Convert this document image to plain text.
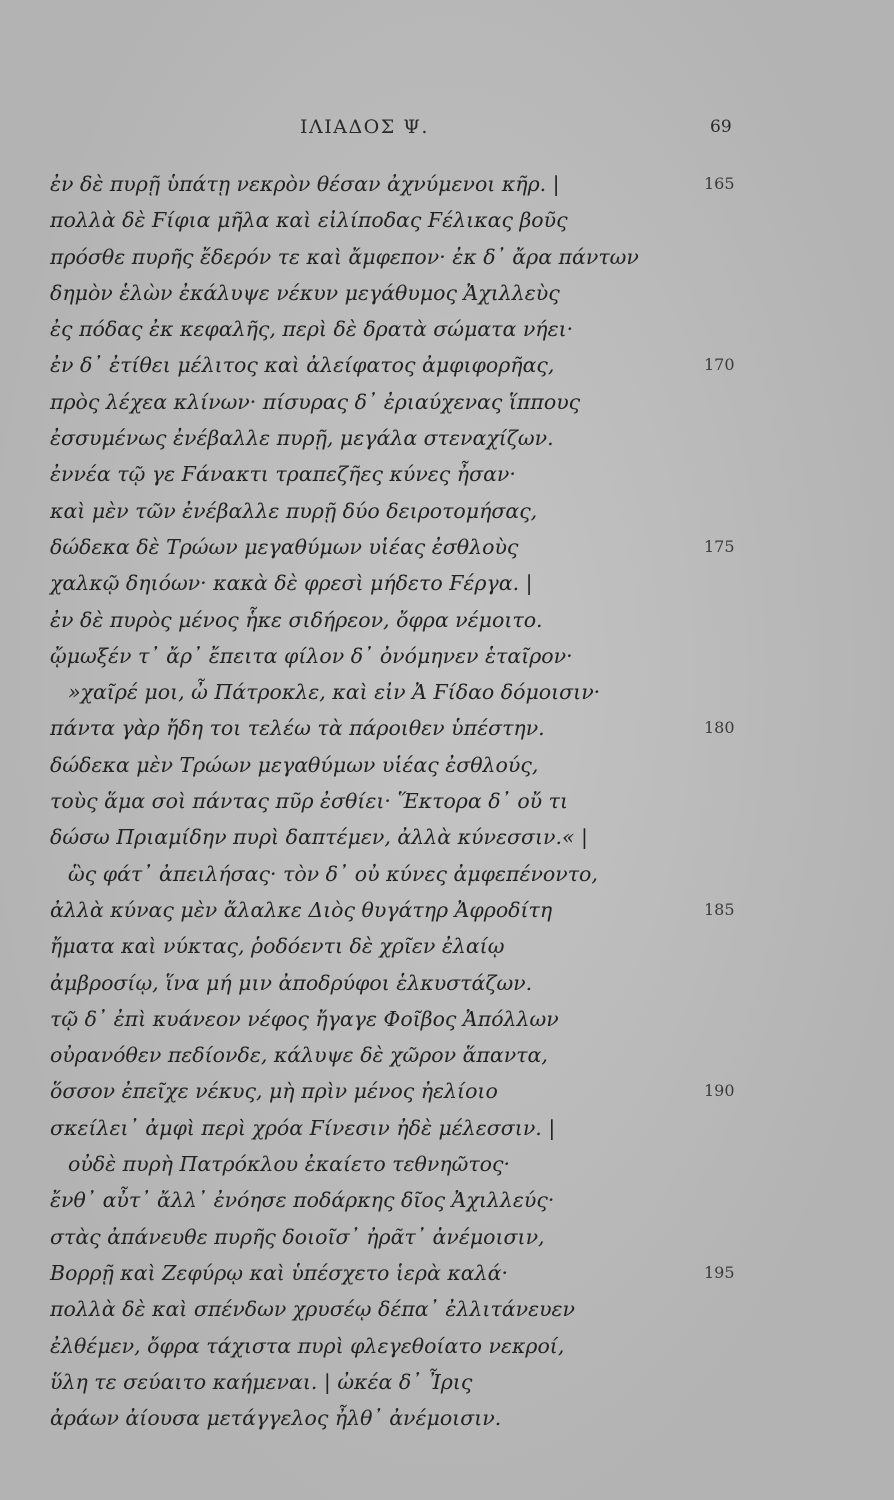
ΙΛΙΑΔΟΣ Ψ.	69
ἐν δὲ πυρῇ ὑπάτῃ νεκρὸν θέσαν ἀχνύμενοι κῆρ. |	165
πολλὰ δὲ Ϝίφια μῆλα καὶ εἰλίποδας Ϝέλικας βοῦς
πρόσθε πυρῆς ἔδερόν τε καὶ ἄμφεπον· ἐκ δ᾽ ἄρα πάντων
δημὸν ἑλὼν ἐκάλυψε νέκυν μεγάθυμος Ἀχιλλεὺς
ἐς πόδας ἐκ κεφαλῆς, περὶ δὲ δρατὰ σώματα νήει·
ἐν δ᾽ ἐτίθει μέλιτος καὶ ἀλείφατος ἀμφιφορῆας,	170
πρὸς λέχεα κλίνων· πίσυρας δ᾽ ἐριαύχενας ἵππους
ἐσσυμένως ἐνέβαλλε πυρῇ, μεγάλα στεναχίζων.
ἐννέα τῷ γε Ϝάνακτι τραπεζῆες κύνες ἦσαν·
καὶ μὲν τῶν ἐνέβαλλε πυρῇ δύο δειροτομήσας,
δώδεκα δὲ Τρώων μεγαθύμων υἱέας ἐσθλοὺς	175
χαλκῷ δηιόων· κακὰ δὲ φρεσὶ μήδετο Ϝέργα. |
ἐν δὲ πυρὸς μένος ἧκε σιδήρεον, ὄφρα νέμοιτο.
ᾤμωξέν τ᾽ ἄρ᾽ ἔπειτα φίλον δ᾽ ὀνόμηνεν ἑταῖρον·
»χαῖρέ μοι, ὦ Πάτροκλε, καὶ εἰν Ἀ Ϝίδαο δόμοισιν·
πάντα γὰρ ἤδη τοι τελέω τὰ πάροιθεν ὑπέστην.	180
δώδεκα μὲν Τρώων μεγαθύμων υἱέας ἐσθλούς,
τοὺς ἅμα σοὶ πάντας πῦρ ἐσθίει· Ἕκτορα δ᾽ οὔ τι
δώσω Πριαμίδην πυρὶ δαπτέμεν, ἀλλὰ κύνεσσιν.« |
ὣς φάτ᾽ ἀπειλήσας· τὸν δ᾽ οὐ κύνες ἀμφεπένοντο,
ἀλλὰ κύνας μὲν ἄλαλκε Διὸς θυγάτηρ Ἀφροδίτη	185
ἤματα καὶ νύκτας, ῥοδόεντι δὲ χρῖεν ἐλαίῳ
ἀμβροσίῳ, ἵνα μή μιν ἀποδρύφοι ἑλκυστάζων.
τῷ δ᾽ ἐπὶ κυάνεον νέφος ἤγαγε Φοῖβος Ἀπόλλων
οὐρανόθεν πεδίονδε, κάλυψε δὲ χῶρον ἅπαντα,
ὅσσον ἐπεῖχε νέκυς, μὴ πρὶν μένος ἠελίοιο	190
σκείλει᾽ ἀμφὶ περὶ χρόα Ϝίνεσιν ἠδὲ μέλεσσιν. |
οὐδὲ πυρὴ Πατρόκλου ἐκαίετο τεθνηῶτος·
ἔνθ᾽ αὖτ᾽ ἄλλ᾽ ἐνόησε ποδάρκης δῖος Ἀχιλλεύς·
στὰς ἀπάνευθε πυρῆς δοιοῖσ᾽ ἠρᾶτ᾽ ἀνέμοισιν,
Βορρῇ καὶ Ζεφύρῳ καὶ ὑπέσχετο ἱερὰ καλά·	195
πολλὰ δὲ καὶ σπένδων χρυσέῳ δέπα᾽ ἐλλιτάνευεν
ἐλθέμεν, ὄφρα τάχιστα πυρὶ φλεγεθοίατο νεκροί,
ὕλη τε σεύαιτο καήμεναι. | ὠκέα δ᾽ Ἶρις
ἀράων ἀίουσα μετάγγελος ἦλθ᾽ ἀνέμοισιν.
